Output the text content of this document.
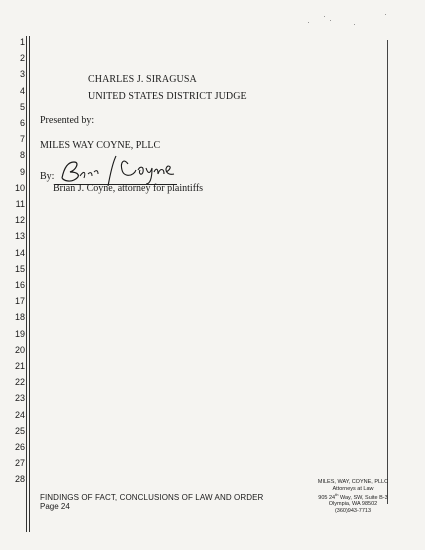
1
2
3
4
5
6
7
8
9
10
11
12
13
14
15
16
17
18
19
20
21
22
23
24
25
26
27
28
CHARLES J. SIRAGUSA
UNITED STATES DISTRICT JUDGE
Presented by:
MILES WAY COYNE, PLLC
By:
Brian J. Coyne, attorney for plaintiffs
FINDINGS OF FACT, CONCLUSIONS OF LAW AND ORDER
Page 24
MILES, WAY, COYNE, PLLC
Attorneys at Law
905 24th Way, SW, Suite B-3
Olympia, WA 98502
(360)943-7713
